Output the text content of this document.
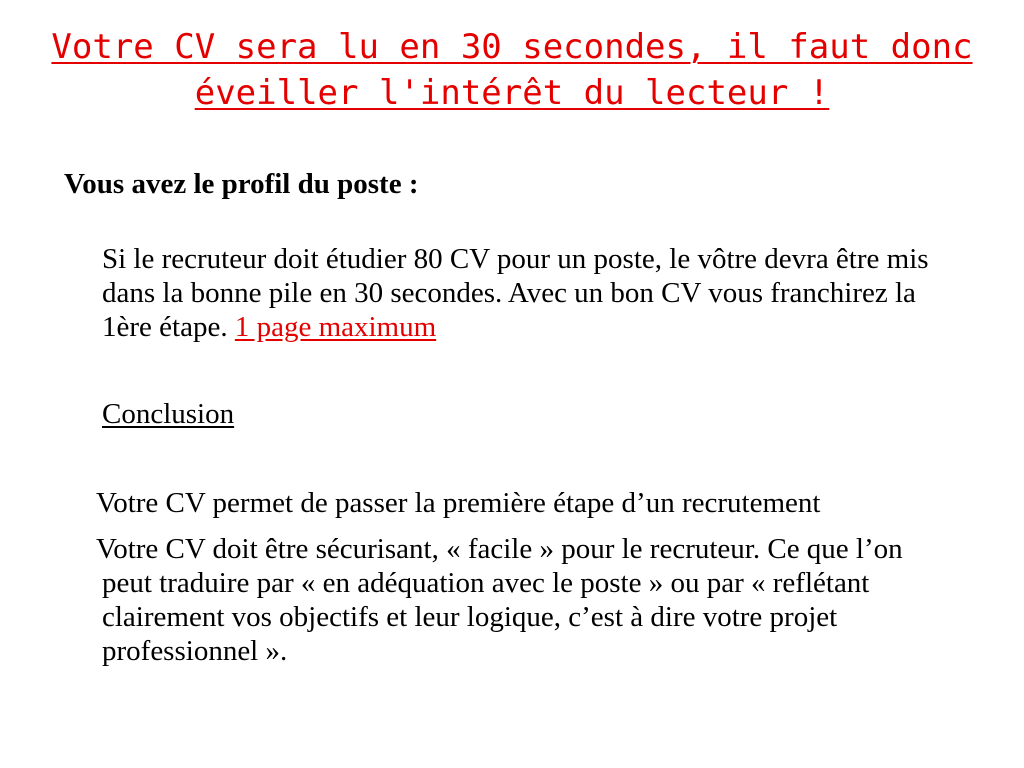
Votre CV sera lu en 30 secondes, il faut donc éveiller l'intérêt du lecteur !

Vous avez le profil du poste :

Si le recruteur doit étudier 80 CV pour un poste, le vôtre devra être mis dans la bonne pile en 30 secondes. Avec un bon CV vous franchirez la 1ère étape. 1 page maximum

Conclusion

Votre CV permet de passer la première étape d’un recrutement

Votre CV doit être sécurisant, « facile » pour le recruteur. Ce que l’on peut traduire par « en adéquation avec le poste » ou par « reflétant clairement vos objectifs et leur logique, c’est à dire votre projet professionnel ».
